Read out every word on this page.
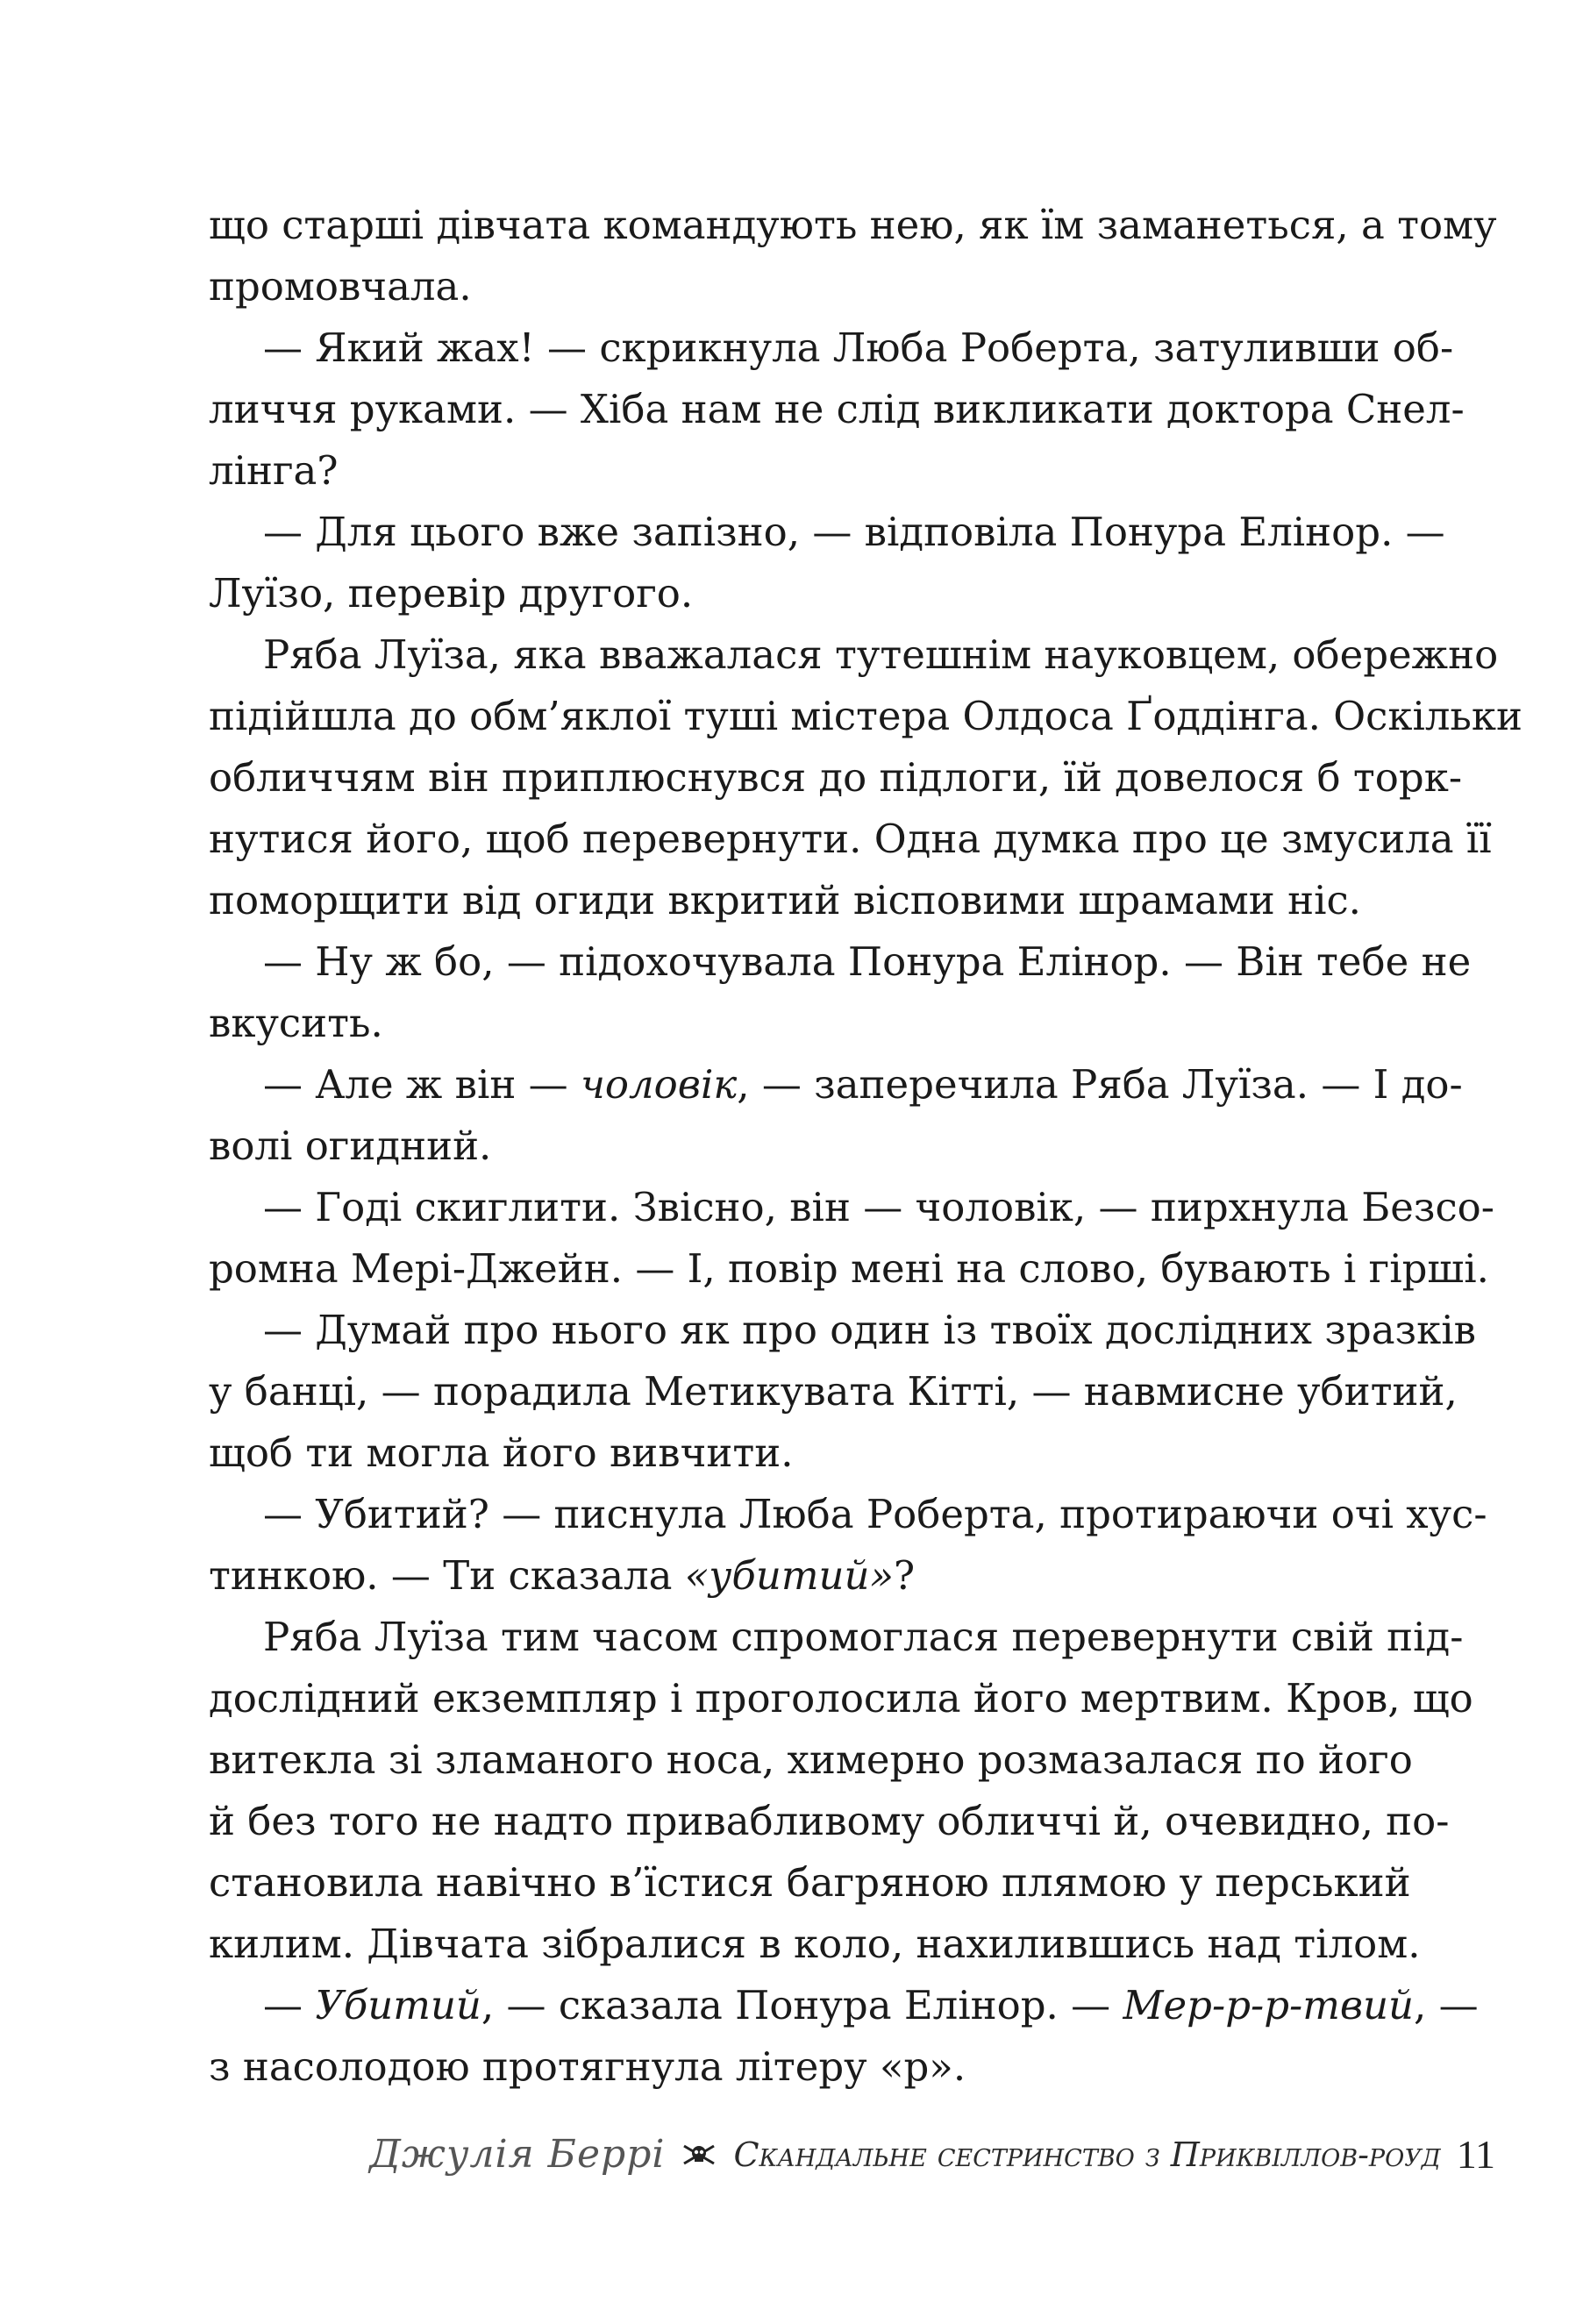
що старші дівчата командують нею, як їм заманеться, а тому
промовчала.
— Який жах! — скрикнула Люба Роберта, затуливши об-
личчя руками. — Хіба нам не слід викликати доктора Снел-
лінга?
— Для цього вже запізно, — відповіла Понура Елінор. —
Луїзо, перевір другого.
Ряба Луїза, яка вважалася тутешнім науковцем, обережно
підійшла до обм’яклої туші містера Олдоса Ґоддінга. Оскільки
обличчям він приплюснувся до підлоги, їй довелося б торк-
нутися його, щоб перевернути. Одна думка про це змусила її
поморщити від огиди вкритий вісповими шрамами ніс.
— Ну ж бо, — підохочувала Понура Елінор. — Він тебе не
вкусить.
— Але ж він — чоловік, — заперечила Ряба Луїза. — І до-
волі огидний.
— Годі скиглити. Звісно, він — чоловік, — пирхнула Безсо-
ромна Мері-Джейн. — І, повір мені на слово, бувають і гірші.
— Думай про нього як про один із твоїх дослідних зразків
у банці, — порадила Метикувата Кітті, — навмисне убитий,
щоб ти могла його вивчити.
— Убитий? — писнула Люба Роберта, протираючи очі хус-
тинкою. — Ти сказала «убитий»?
Ряба Луїза тим часом спромоглася перевернути свій під-
дослідний екземпляр і проголосила його мертвим. Кров, що
витекла зі зламаного носа, химерно розмазалася по його
й без того не надто привабливому обличчі й, очевидно, по-
становила навічно в’їстися багряною плямою у перський
килим. Дівчата зібралися в коло, нахилившись над тілом.
— Убитий, — сказала Понура Елінор. — Мер-р-р-твий, —
з насолодою протягнула літеру «р».
Джулія Беррі Скандальне сестринство з Приквіллов-роуд 11
